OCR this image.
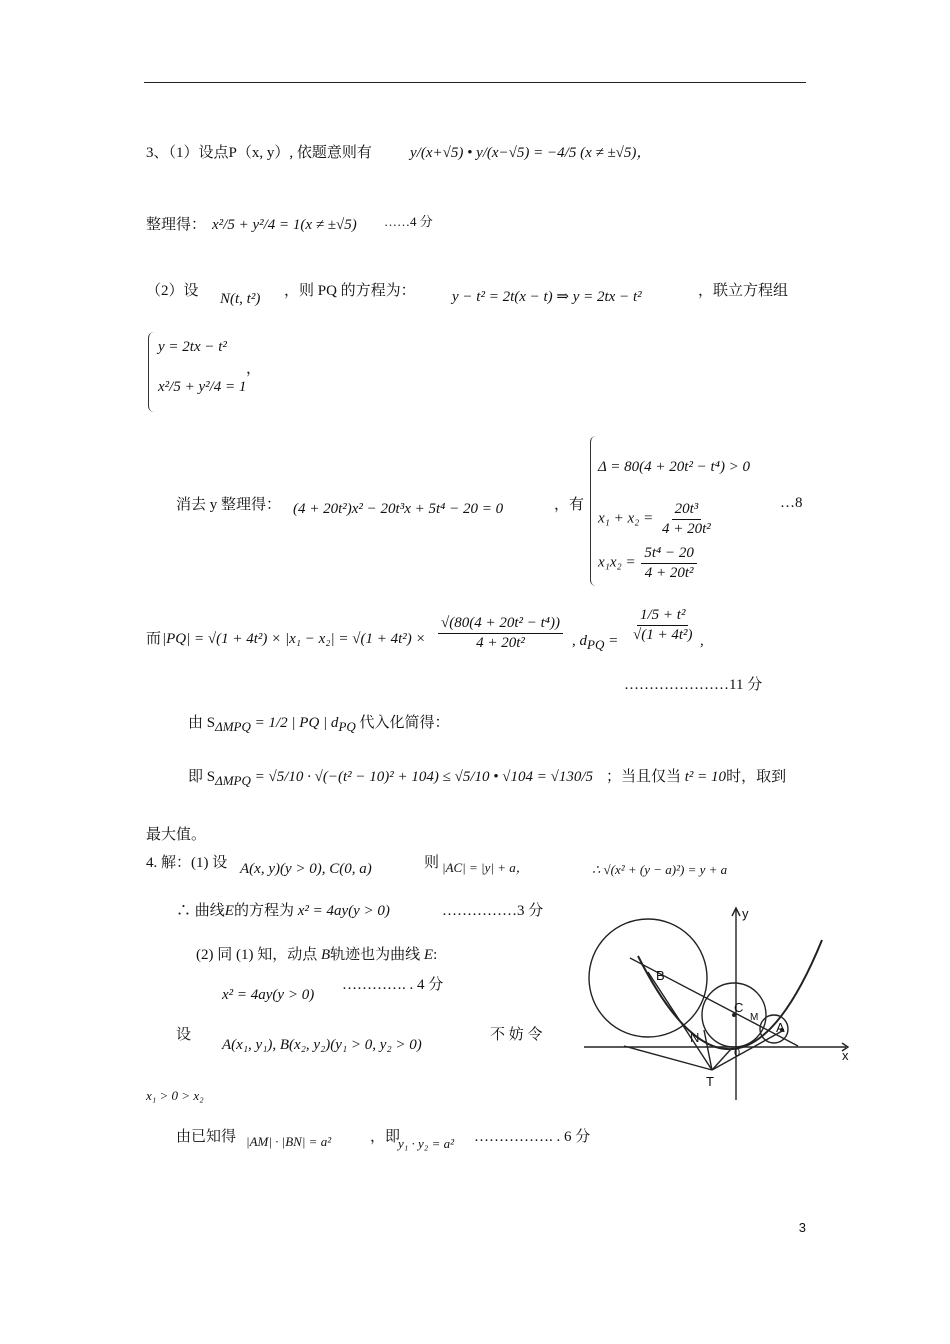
3、（1）设点P（x, y）, 依题意则有	y/(x+√5) • y/(x−√5) = −4/5 (x ≠ ±√5)，
整理得： x²/5 + y²/4 = 1(x ≠ ±√5) ……4 分
（2）设 N(t, t²) ，则 PQ 的方程为： y − t² = 2t(x − t) ⇒ y = 2tx − t²	，联立方程组
y = 2tx − t²
x²/5 + y²/4 = 1
，
消去 y 整理得： (4 + 20t²)x² − 20t³x + 5t⁴ − 20 = 0	，有
Δ = 80(4 + 20t² − t⁴) > 0
$x_1 + x_2 = \frac{\text{20t³}}{\text{4 + 20t²}}$
$x_1x_2 = \frac{\text{5t⁴ − 20}}{\text{4 + 20t²}}$
…8
而 $|PQ| = √(1 + 4t^2) \times |x_1 - x_2| = √(1 + 4t^2) \times \frac{\text{√(80(4 + 20t² − t⁴))}}{\text{4 + 20t²}}$ , $d_{PQ} = \frac{\text{1/5 + t²}}{\text{√(1 + 4t²)}}$ ,
…………………11 分
由 $S_{\Delta MPQ} = 1/2$ | PQ | $d_{PQ}$ 代入化简得：
即 $S_{\Delta MPQ} = √5/10 \cdot √(-(t^2 - 10)^2 + 104) \le √5/10$ • √104 = √130/5 ；当且仅当 t² = 10时，取到
最大值。
4. 解：(1) 设 A(x, y)(y > 0), C(0, a)	则 |AC| = |y| + a，	∴ √(x² + (y − a)²) = y + a
∴ 曲线E的方程为 x² = 4ay(y > 0)	……………3 分
(2) 同 (1) 知，动点 B轨迹也为曲线 E:
x² = 4ay(y > 0)
…………. . 4 分
设
A(x₁, y₁), B(x₂, y₂)(y₁ > 0, y₂ > 0)
不 妨 令
x₁ > 0 > x₂
由已知得 |AM| · |BN| = a²	，即
y₁ · y₂ = a² ……………. . 6 分
y
x
B
N
C
M
A
0
T
3
